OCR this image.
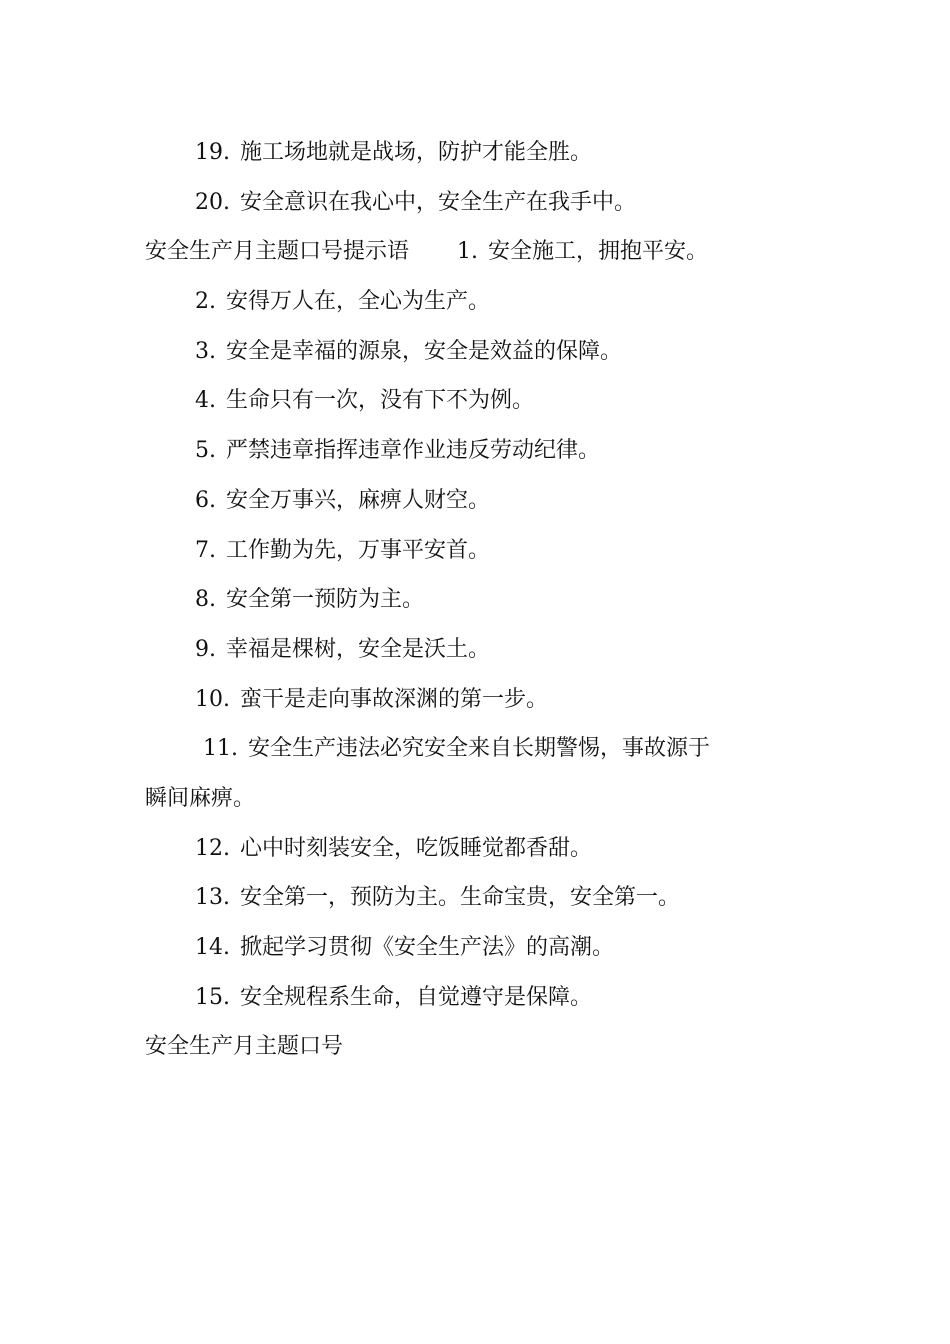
19. 施工场地就是战场，防护才能全胜。
20. 安全意识在我心中，安全生产在我手中。
安全生产月主题口号提示语 1. 安全施工，拥抱平安。
2. 安得万人在，全心为生产。
3. 安全是幸福的源泉，安全是效益的保障。
4. 生命只有一次，没有下不为例。
5. 严禁违章指挥违章作业违反劳动纪律。
6. 安全万事兴，麻痹人财空。
7. 工作勤为先，万事平安首。
8. 安全第一预防为主。
9. 幸福是棵树，安全是沃土。
10. 蛮干是走向事故深渊的第一步。
11. 安全生产违法必究安全来自长期警惕，事故源于
瞬间麻痹。
12. 心中时刻装安全，吃饭睡觉都香甜。
13. 安全第一，预防为主。生命宝贵，安全第一。
14. 掀起学习贯彻《安全生产法》的高潮。
15. 安全规程系生命，自觉遵守是保障。
安全生产月主题口号
